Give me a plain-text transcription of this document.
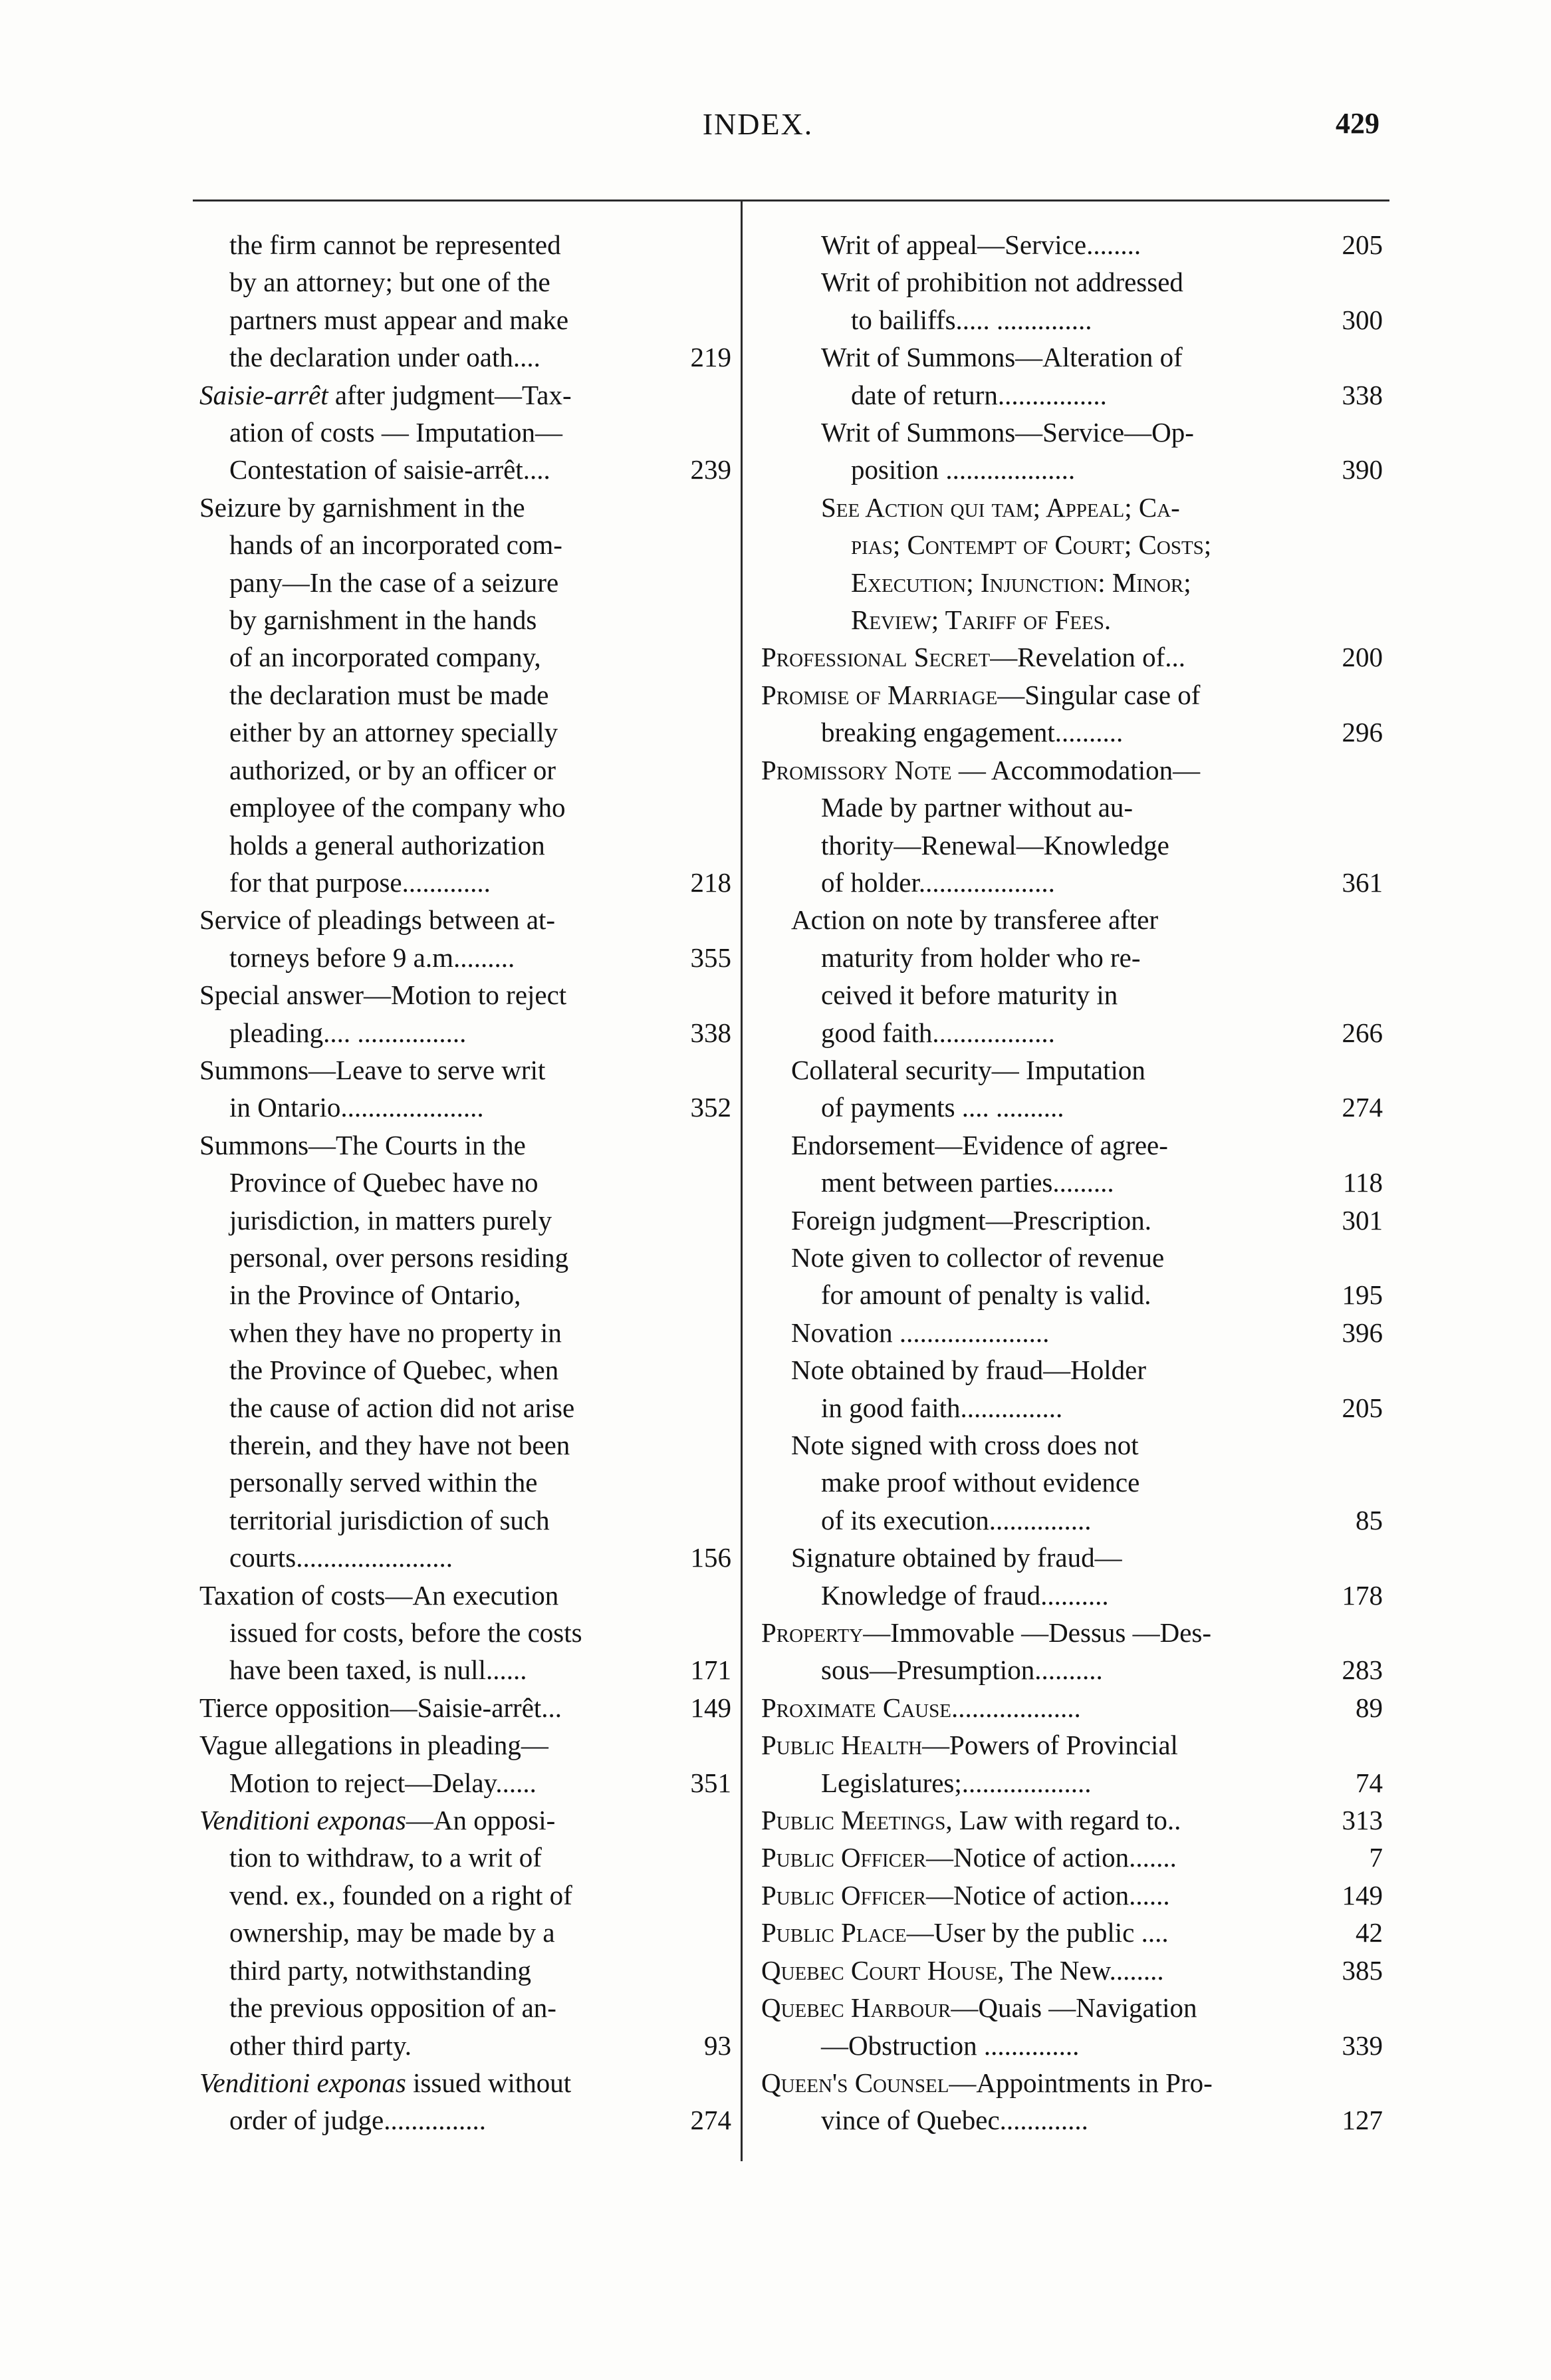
INDEX.	429
the firm cannot be represented
by an attorney; but one of the
partners must appear and make
the declaration under oath....	219
Saisie-arrêt after judgment—Tax-
ation of costs — Imputation—
Contestation of saisie-arrêt....	239
Seizure by garnishment in the
hands of an incorporated com-
pany—In the case of a seizure
by garnishment in the hands
of an incorporated company,
the declaration must be made
either by an attorney specially
authorized, or by an officer or
employee of the company who
holds a general authorization
for that purpose.............	218
Service of pleadings between at-
torneys before 9 a.m.........	355
Special answer—Motion to reject
pleading.... ................	338
Summons—Leave to serve writ
in Ontario.....................	352
Summons—The Courts in the
Province of Quebec have no
jurisdiction, in matters purely
personal, over persons residing
in the Province of Ontario,
when they have no property in
the Province of Quebec, when
the cause of action did not arise
therein, and they have not been
personally served within the
territorial jurisdiction of such
courts.......................	156
Taxation of costs—An execution
issued for costs, before the costs
have been taxed, is null......	171
Tierce opposition—Saisie-arrêt...	149
Vague allegations in pleading—
Motion to reject—Delay......	351
Venditioni exponas—An opposi-
tion to withdraw, to a writ of
vend. ex., founded on a right of
ownership, may be made by a
third party, notwithstanding
the previous opposition of an-
other third party.	93
Venditioni exponas issued without
order of judge...............	274
Writ of appeal—Service........	205
Writ of prohibition not addressed
to bailiffs..... ..............	300
Writ of Summons—Alteration of
date of return................	338
Writ of Summons—Service—Op-
position ...................	390
See Action qui tam; Appeal; Ca-
pias; Contempt of Court; Costs;
Execution; Injunction: Minor;
Review; Tariff of Fees.
Professional Secret—Revelation of...	200
Promise of Marriage—Singular case of
breaking engagement..........	296
Promissory Note — Accommodation—
Made by partner without au-
thority—Renewal—Knowledge
of holder....................	361
Action on note by transferee after
maturity from holder who re-
ceived it before maturity in
good faith..................	266
Collateral security— Imputation
of payments .... ..........	274
Endorsement—Evidence of agree-
ment between parties.........	118
Foreign judgment—Prescription.	301
Note given to collector of revenue
for amount of penalty is valid.	195
Novation ......................	396
Note obtained by fraud—Holder
in good faith...............	205
Note signed with cross does not
make proof without evidence
of its execution...............	85
Signature obtained by fraud—
Knowledge of fraud..........	178
Property—Immovable —Dessus —Des-
sous—Presumption..........	283
Proximate Cause...................	89
Public Health—Powers of Provincial
Legislatures;...................	74
Public Meetings, Law with regard to..	313
Public Officer—Notice of action.......	7
Public Officer—Notice of action......	149
Public Place—User by the public ....	42
Quebec Court House, The New........	385
Quebec Harbour—Quais —Navigation
—Obstruction ..............	339
Queen's Counsel—Appointments in Pro-
vince of Quebec.............	127
